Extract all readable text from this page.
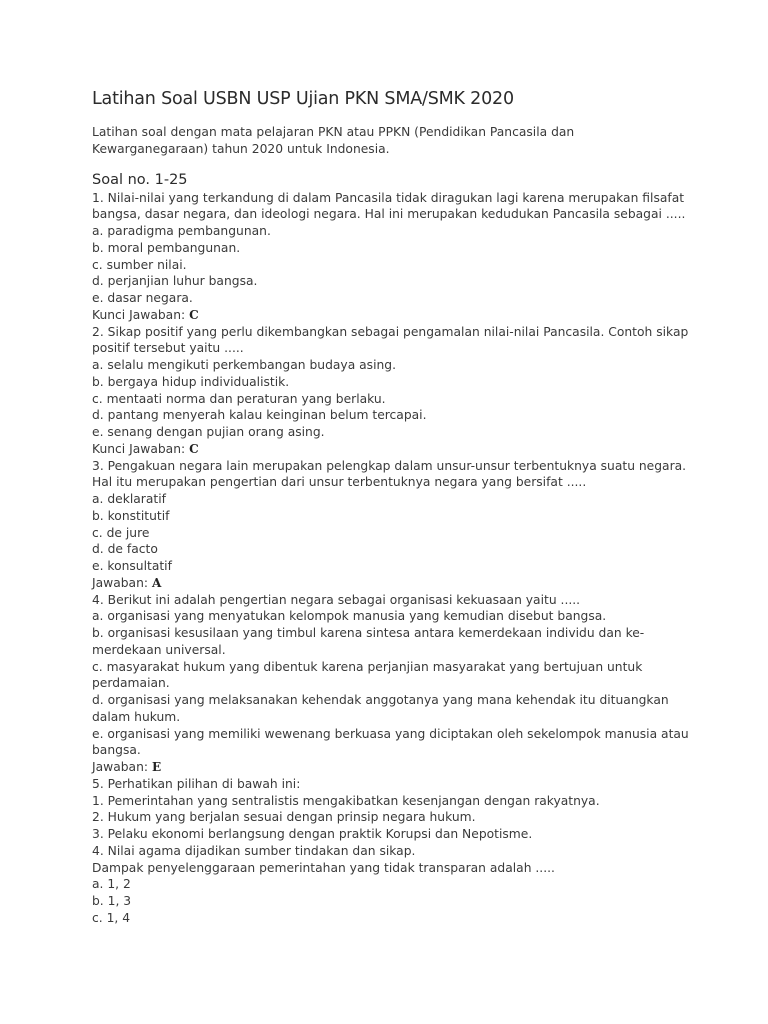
Latihan Soal USBN USP Ujian PKN SMA/SMK 2020
Latihan soal dengan mata pelajaran PKN atau PPKN (Pendidikan Pancasila dan
Kewarganegaraan) tahun 2020 untuk Indonesia.
Soal no. 1-25
1. Nilai-nilai yang terkandung di dalam Pancasila tidak diragukan lagi karena merupakan filsafat
bangsa, dasar negara, dan ideologi negara. Hal ini merupakan kedudukan Pancasila sebagai .....
a. paradigma pembangunan.
b. moral pembangunan.
c. sumber nilai.
d. perjanjian luhur bangsa.
e. dasar negara.
Kunci Jawaban: C
2. Sikap positif yang perlu dikembangkan sebagai pengamalan nilai-nilai Pancasila. Contoh sikap
positif tersebut yaitu .....
a. selalu mengikuti perkembangan budaya asing.
b. bergaya hidup individualistik.
c. mentaati norma dan peraturan yang berlaku.
d. pantang menyerah kalau keinginan belum tercapai.
e. senang dengan pujian orang asing.
Kunci Jawaban: C
3. Pengakuan negara lain merupakan pelengkap dalam unsur-unsur terbentuknya suatu negara.
Hal itu merupakan pengertian dari unsur terbentuknya negara yang bersifat .....
a. deklaratif
b. konstitutif
c. de jure
d. de facto
e. konsultatif
Jawaban: A
4. Berikut ini adalah pengertian negara sebagai organisasi kekuasaan yaitu .....
a. organisasi yang menyatukan kelompok manusia yang kemudian disebut bangsa.
b. organisasi kesusilaan yang timbul karena sintesa antara kemerdekaan individu dan ke-
merdekaan universal.
c. masyarakat hukum yang dibentuk karena perjanjian masyarakat yang bertujuan untuk
perdamaian.
d. organisasi yang melaksanakan kehendak anggotanya yang mana kehendak itu dituangkan
dalam hukum.
e. organisasi yang memiliki wewenang berkuasa yang diciptakan oleh sekelompok manusia atau
bangsa.
Jawaban: E
5. Perhatikan pilihan di bawah ini:
1. Pemerintahan yang sentralistis mengakibatkan kesenjangan dengan rakyatnya.
2. Hukum yang berjalan sesuai dengan prinsip negara hukum.
3. Pelaku ekonomi berlangsung dengan praktik Korupsi dan Nepotisme.
4. Nilai agama dijadikan sumber tindakan dan sikap.
Dampak penyelenggaraan pemerintahan yang tidak transparan adalah .....
a. 1, 2
b. 1, 3
c. 1, 4
